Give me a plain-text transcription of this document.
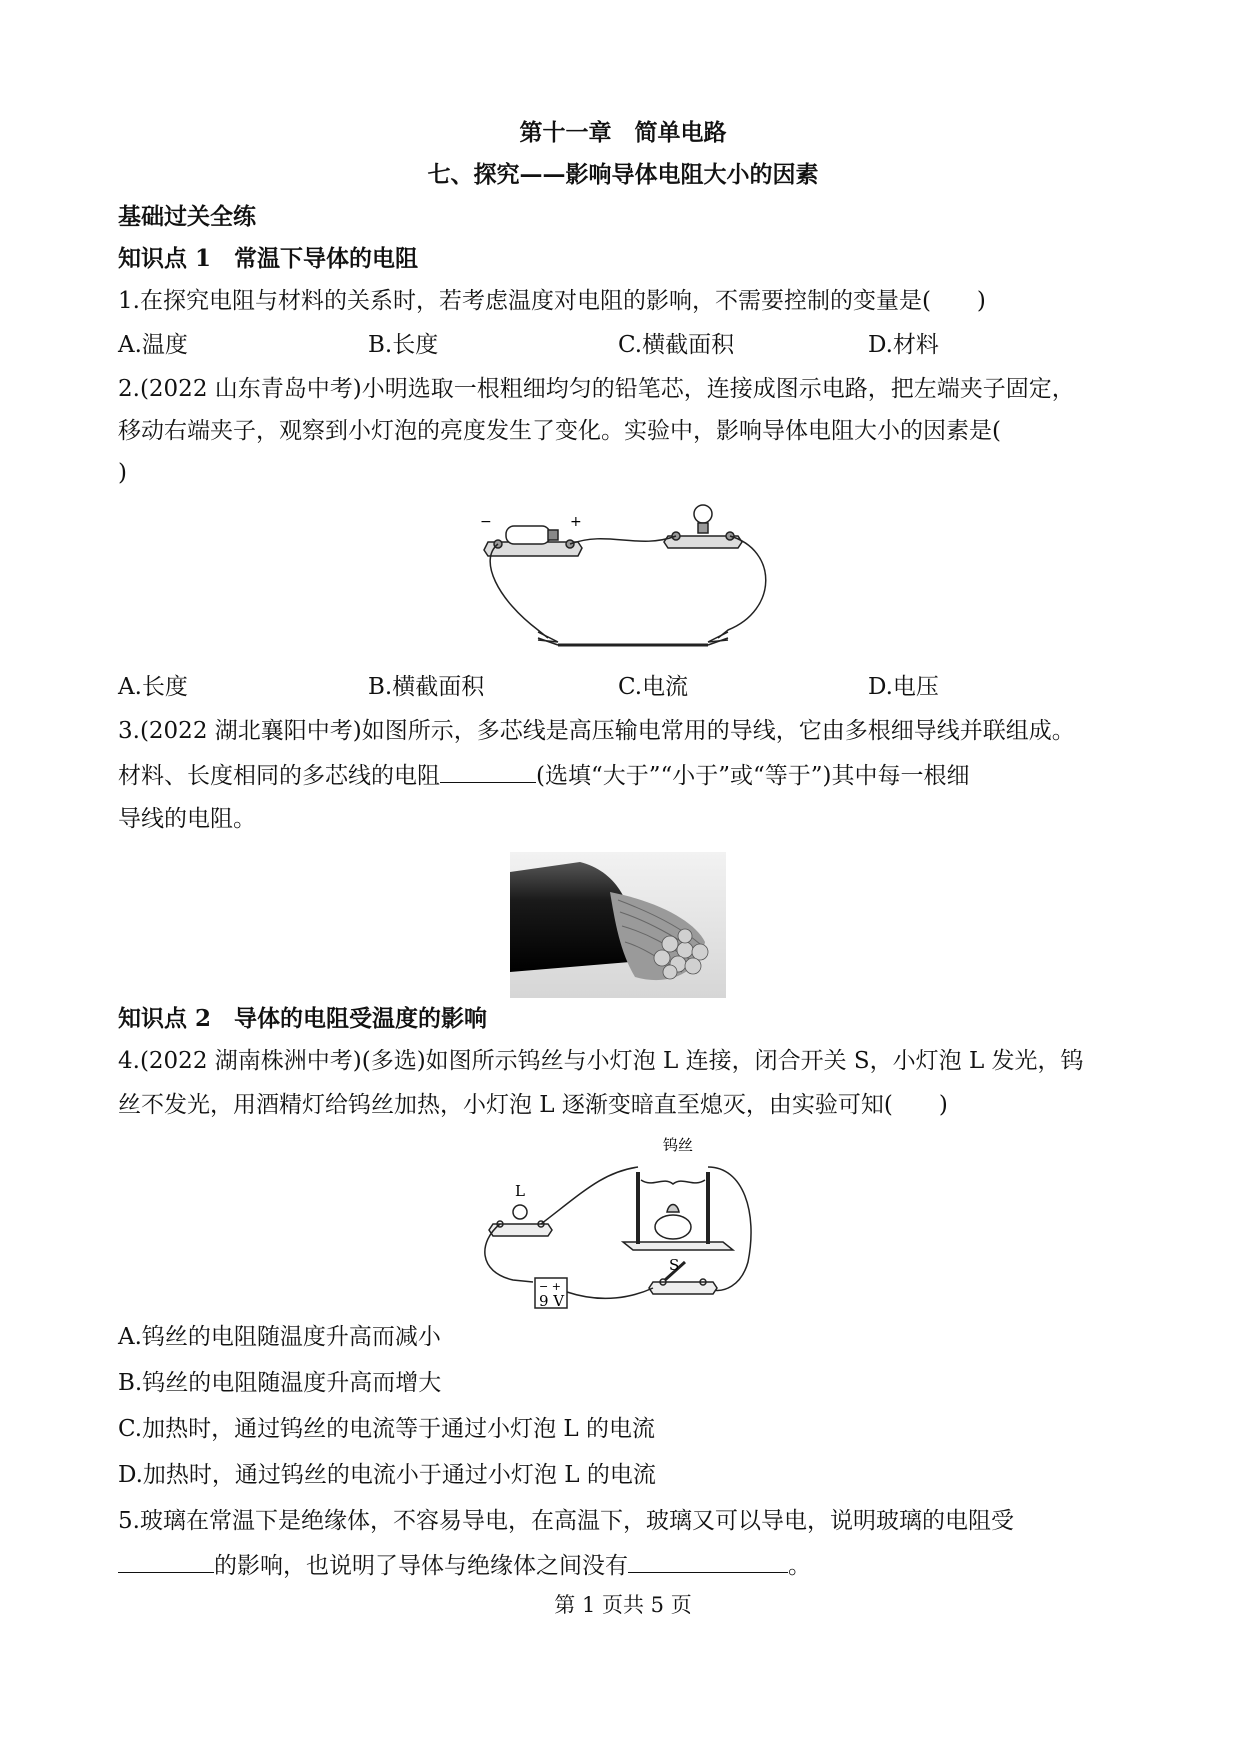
第十一章　简单电路
七、探究——影响导体电阻大小的因素
基础过关全练
知识点 1　常温下导体的电阻
1.在探究电阻与材料的关系时，若考虑温度对电阻的影响，不需要控制的变量是(　　)
A.温度	B.长度	C.横截面积	D.材料
2.(2022 山东青岛中考)小明选取一根粗细均匀的铅笔芯，连接成图示电路，把左端夹子固定，
移动右端夹子，观察到小灯泡的亮度发生了变化。实验中，影响导体电阻大小的因素是(
)
−	+
A.长度	B.横截面积	C.电流	D.电压
3.(2022 湖北襄阳中考)如图所示，多芯线是高压输电常用的导线，它由多根细导线并联组成。
材料、长度相同的多芯线的电阻	(选填“大于”“小于”或“等于”)其中每一根细
导线的电阻。
知识点 2　导体的电阻受温度的影响
4.(2022 湖南株洲中考)(多选)如图所示钨丝与小灯泡 L 连接，闭合开关 S，小灯泡 L 发光，钨
丝不发光，用酒精灯给钨丝加热，小灯泡 L 逐渐变暗直至熄灭，由实验可知(　　)
钨丝
L
S
− +
9 V
A.钨丝的电阻随温度升高而减小
B.钨丝的电阻随温度升高而增大
C.加热时，通过钨丝的电流等于通过小灯泡 L 的电流
D.加热时，通过钨丝的电流小于通过小灯泡 L 的电流
5.玻璃在常温下是绝缘体，不容易导电，在高温下，玻璃又可以导电，说明玻璃的电阻受
的影响，也说明了导体与绝缘体之间没有	。
第 1 页共 5 页
